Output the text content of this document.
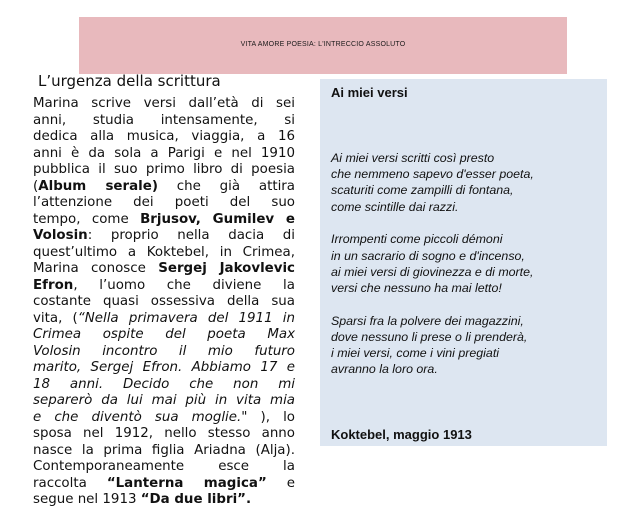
VITA AMORE POESIA: L'INTRECCIO ASSOLUTO
L’urgenza della scrittura
Marina scrive versi dall’età di sei
anni, studia intensamente, si
dedica alla musica, viaggia, a 16
anni è da sola a Parigi e nel 1910
pubblica il suo primo libro di poesia
(Album serale) che già attira
l’attenzione dei poeti del suo
tempo, come Brjusov, Gumilev e
Volosin: proprio nella dacia di
quest’ultimo a Koktebel, in Crimea,
Marina conosce Sergej Jakovlevic
Efron, l’uomo che diviene la
costante quasi ossessiva della sua
vita, (“Nella primavera del 1911 in
Crimea ospite del poeta Max
Volosin incontro il mio futuro
marito, Sergej Efron. Abbiamo 17 e
18 anni. Decido che non mi
separerò da lui mai più in vita mia
e che diventò sua moglie." ), lo
sposa nel 1912, nello stesso anno
nasce la prima figlia Ariadna (Alja).
Contemporaneamente esce la
raccolta “Lanterna magica” e
segue nel 1913 “Da due libri”.
Ai miei versi
Ai miei versi scritti così presto
che nemmeno sapevo d'esser poeta,
scaturiti come zampilli di fontana,
come scintille dai razzi.
Irrompenti come piccoli démoni
in un sacrario di sogno e d'incenso,
ai miei versi di giovinezza e di morte,
versi che nessuno ha mai letto!
Sparsi fra la polvere dei magazzini,
dove nessuno li prese o li prenderà,
i miei versi, come i vini pregiati
avranno la loro ora.
Koktebel, maggio 1913
